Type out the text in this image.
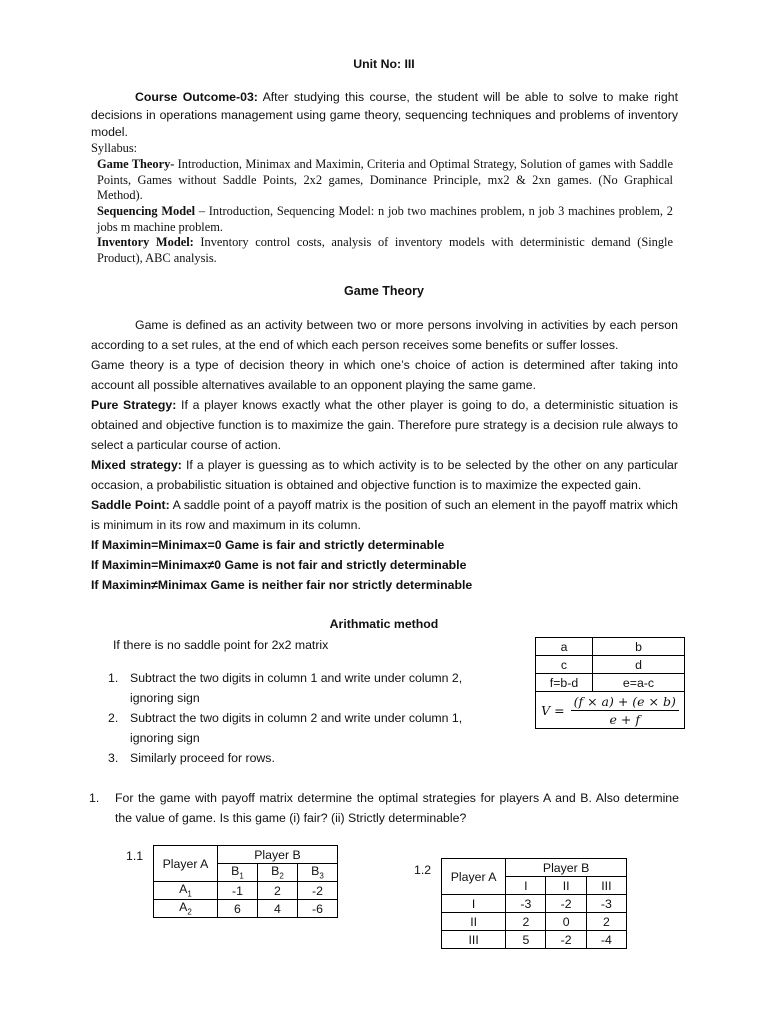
Unit No: III
Course Outcome-03: After studying this course, the student will be able to solve to make right decisions in operations management using game theory, sequencing techniques and problems of inventory model.
Syllabus:
Game Theory- Introduction, Minimax and Maximin, Criteria and Optimal Strategy, Solution of games with Saddle Points, Games without Saddle Points, 2x2 games, Dominance Principle, mx2 & 2xn games. (No Graphical Method).
Sequencing Model – Introduction, Sequencing Model: n job two machines problem, n job 3 machines problem, 2 jobs m machine problem.
Inventory Model: Inventory control costs, analysis of inventory models with deterministic demand (Single Product), ABC analysis.
Game Theory
Game is defined as an activity between two or more persons involving in activities by each person according to a set rules, at the end of which each person receives some benefits or suffer losses.
Game theory is a type of decision theory in which one’s choice of action is determined after taking into account all possible alternatives available to an opponent playing the same game.
Pure Strategy: If a player knows exactly what the other player is going to do, a deterministic situation is obtained and objective function is to maximize the gain. Therefore pure strategy is a decision rule always to select a particular course of action.
Mixed strategy: If a player is guessing as to which activity is to be selected by the other on any particular occasion, a probabilistic situation is obtained and objective function is to maximize the expected gain.
Saddle Point: A saddle point of a payoff matrix is the position of such an element in the payoff matrix which is minimum in its row and maximum in its column.
If Maximin=Minimax=0 Game is fair and strictly determinable
If Maximin=Minimax≠0 Game is not fair and strictly determinable
If Maximin≠Minimax Game is neither fair nor strictly determinable
Arithmatic method
If there is no saddle point for 2x2 matrix
1. Subtract the two digits in column 1 and write under column 2, ignoring sign
2. Subtract the two digits in column 2 and write under column 1, ignoring sign
3. Similarly proceed for rows.
a	b
c	d
f=b-d	e=a-c

$V = \frac{(f \times a) + (e \times b)}{e + f}$
1. For the game with payoff matrix determine the optimal strategies for players A and B. Also determine the value of game. Is this game (i) fair? (ii) Strictly determinable?
1.1
Player A	Player B		
	$B_1$	$B_2$	$B_3$
$A_1$	-1	2	-2
$A_2$	6	4	-6
1.2 Player A	Player B		
	I	II	III
I	-3	-2	-3
II	2	0	2
III	5	-2	-4
